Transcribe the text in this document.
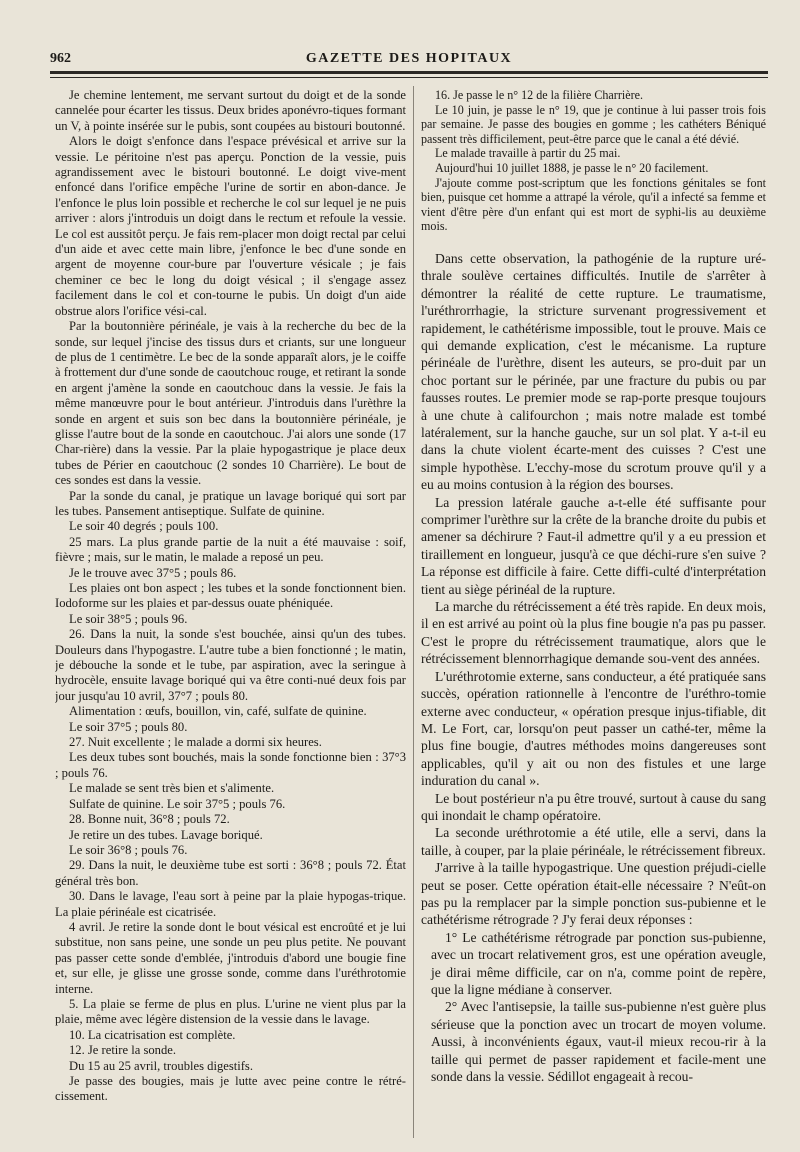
962	GAZETTE DES HOPITAUX

Je chemine lentement, me servant surtout du doigt et de la sonde cannelée pour écarter les tissus. Deux brides aponévro-tiques formant un V, à pointe insérée sur le pubis, sont coupées au bistouri boutonné.

Alors le doigt s'enfonce dans l'espace prévésical et arrive sur la vessie. Le péritoine n'est pas aperçu. Ponction de la vessie, puis agrandissement avec le bistouri boutonné. Le doigt vive-ment enfoncé dans l'orifice empêche l'urine de sortir en abon-dance. Je l'enfonce le plus loin possible et recherche le col sur lequel je ne puis arriver : alors j'introduis un doigt dans le rectum et refoule la vessie. Le col est aussitôt perçu. Je fais rem-placer mon doigt rectal par celui d'un aide et avec cette main libre, j'enfonce le bec d'une sonde en argent de moyenne cour-bure par l'ouverture vésicale ; je fais cheminer ce bec le long du doigt vésical ; il s'engage assez facilement dans le col et con-tourne le pubis. Un doigt d'un aide obstrue alors l'orifice vési-cal.

Par la boutonnière périnéale, je vais à la recherche du bec de la sonde, sur lequel j'incise des tissus durs et criants, sur une longueur de plus de 1 centimètre. Le bec de la sonde apparaît alors, je le coiffe à frottement dur d'une sonde de caoutchouc rouge, et retirant la sonde en argent j'amène la sonde en caoutchouc dans la vessie. Je fais la même manœuvre pour le bout antérieur. J'introduis dans l'urèthre la sonde en argent et suis son bec dans la boutonnière périnéale, je glisse l'autre bout de la sonde en caoutchouc. J'ai alors une sonde (17 Char-rière) dans la vessie. Par la plaie hypogastrique je place deux tubes de Périer en caoutchouc (2 sondes 10 Charrière). Le bout de ces sondes est dans la vessie.

Par la sonde du canal, je pratique un lavage boriqué qui sort par les tubes. Pansement antiseptique. Sulfate de quinine.

Le soir 40 degrés ; pouls 100.

25 mars. La plus grande partie de la nuit a été mauvaise : soif, fièvre ; mais, sur le matin, le malade a reposé un peu.

Je le trouve avec 37°5 ; pouls 86.

Les plaies ont bon aspect ; les tubes et la sonde fonctionnent bien. Iodoforme sur les plaies et par-dessus ouate phéniquée.

Le soir 38°5 ; pouls 96.

26. Dans la nuit, la sonde s'est bouchée, ainsi qu'un des tubes. Douleurs dans l'hypogastre. L'autre tube a bien fonctionné ; le matin, je débouche la sonde et le tube, par aspiration, avec la seringue à hydrocèle, ensuite lavage boriqué qui va être conti-nué deux fois par jour jusqu'au 10 avril, 37°7 ; pouls 80.

Alimentation : œufs, bouillon, vin, café, sulfate de quinine.

Le soir 37°5 ; pouls 80.

27. Nuit excellente ; le malade a dormi six heures.

Les deux tubes sont bouchés, mais la sonde fonctionne bien : 37°3 ; pouls 76.

Le malade se sent très bien et s'alimente.

Sulfate de quinine. Le soir 37°5 ; pouls 76.

28. Bonne nuit, 36°8 ; pouls 72.

Je retire un des tubes. Lavage boriqué.

Le soir 36°8 ; pouls 76.

29. Dans la nuit, le deuxième tube est sorti : 36°8 ; pouls 72. État général très bon.

30. Dans le lavage, l'eau sort à peine par la plaie hypogas-trique. La plaie périnéale est cicatrisée.

4 avril. Je retire la sonde dont le bout vésical est encroûté et je lui substitue, non sans peine, une sonde un peu plus petite. Ne pouvant pas passer cette sonde d'emblée, j'introduis d'abord une bougie fine et, sur elle, je glisse une grosse sonde, comme dans l'uréthrotomie interne.

5. La plaie se ferme de plus en plus. L'urine ne vient plus par la plaie, même avec légère distension de la vessie dans le lavage.

10. La cicatrisation est complète.

12. Je retire la sonde.

Du 15 au 25 avril, troubles digestifs.

Je passe des bougies, mais je lutte avec peine contre le rétré-cissement.

16. Je passe le n° 12 de la filière Charrière.

Le 10 juin, je passe le n° 19, que je continue à lui passer trois fois par semaine. Je passe des bougies en gomme ; les cathéters Béniqué passent très difficilement, peut-être parce que le canal a été dévié.

Le malade travaille à partir du 25 mai.

Aujourd'hui 10 juillet 1888, je passe le n° 20 facilement.

J'ajoute comme post-scriptum que les fonctions génitales se font bien, puisque cet homme a attrapé la vérole, qu'il a infecté sa femme et vient d'être père d'un enfant qui est mort de syphi-lis au deuxième mois.

Dans cette observation, la pathogénie de la rupture uré-thrale soulève certaines difficultés. Inutile de s'arrêter à démontrer la réalité de cette rupture. Le traumatisme, l'uréthrorrhagie, la stricture survenant progressivement et rapidement, le cathétérisme impossible, tout le prouve. Mais ce qui demande explication, c'est le mécanisme. La rupture périnéale de l'urèthre, disent les auteurs, se pro-duit par un choc portant sur le périnée, par une fracture du pubis ou par fausses routes. Le premier mode se rap-porte presque toujours à une chute à califourchon ; mais notre malade est tombé latéralement, sur la hanche gauche, sur un sol plat. Y a-t-il eu dans la chute violent écarte-ment des cuisses ? C'est une simple hypothèse. L'ecchy-mose du scrotum prouve qu'il y a eu au moins contusion à la région des bourses.

La pression latérale gauche a-t-elle été suffisante pour comprimer l'urèthre sur la crête de la branche droite du pubis et amener sa déchirure ? Faut-il admettre qu'il y a eu pression et tiraillement en longueur, jusqu'à ce que déchi-rure s'en suive ? La réponse est difficile à faire. Cette diffi-culté d'interprétation tient au siège périnéal de la rupture.

La marche du rétrécissement a été très rapide. En deux mois, il en est arrivé au point où la plus fine bougie n'a pas pu passer. C'est le propre du rétrécissement traumatique, alors que le rétrécissement blennorrhagique demande sou-vent des années.

L'uréthrotomie externe, sans conducteur, a été pratiquée sans succès, opération rationnelle à l'encontre de l'uréthro-tomie externe avec conducteur, « opération presque injus-tifiable, dit M. Le Fort, car, lorsqu'on peut passer un cathé-ter, même la plus fine bougie, d'autres méthodes moins dangereuses sont applicables, qu'il y ait ou non des fistules et une large induration du canal ».

Le bout postérieur n'a pu être trouvé, surtout à cause du sang qui inondait le champ opératoire.

La seconde uréthrotomie a été utile, elle a servi, dans la taille, à couper, par la plaie périnéale, le rétrécissement fibreux.

J'arrive à la taille hypogastrique. Une question préjudi-cielle peut se poser. Cette opération était-elle nécessaire ? N'eût-on pas pu la remplacer par la simple ponction sus-pubienne et le cathétérisme rétrograde ? J'y ferai deux réponses :

1° Le cathétérisme rétrograde par ponction sus-pubienne, avec un trocart relativement gros, est une opération aveugle, je dirai même difficile, car on n'a, comme point de repère, que la ligne médiane à conserver.

2° Avec l'antisepsie, la taille sus-pubienne n'est guère plus sérieuse que la ponction avec un trocart de moyen volume. Aussi, à inconvénients égaux, vaut-il mieux recou-rir à la taille qui permet de passer rapidement et facile-ment une sonde dans la vessie. Sédillot engageait à recou-
